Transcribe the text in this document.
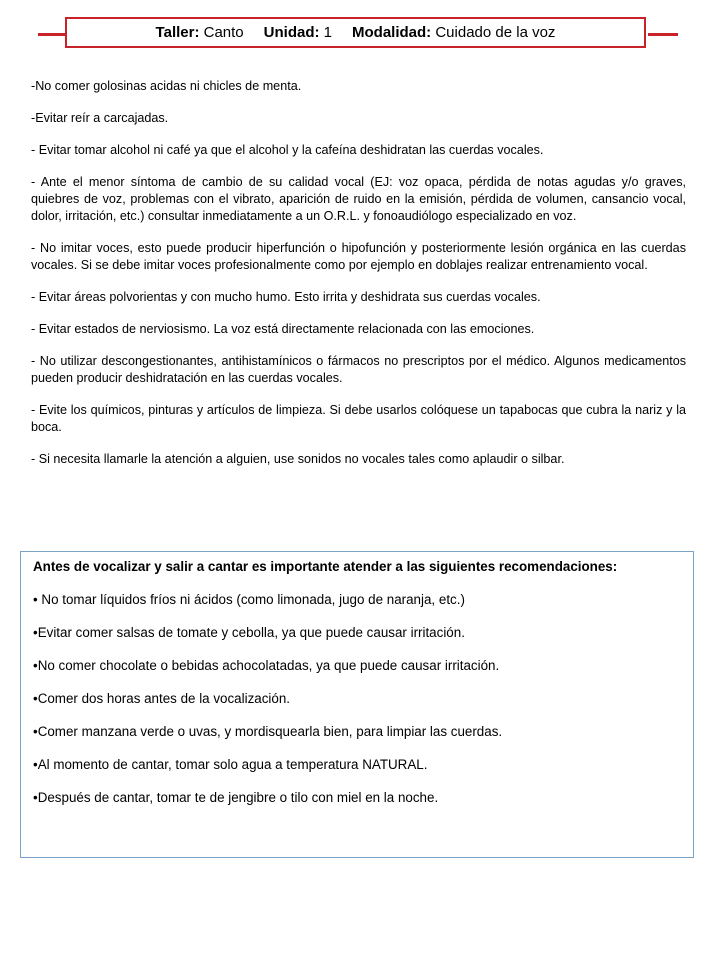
Taller:
Canto Unidad:
1 Modalidad:
Cuidado de la voz

-No comer golosinas acidas ni chicles de menta.

-Evitar reír a carcajadas.

- Evitar tomar alcohol ni café ya que el alcohol y la cafeína deshidratan las cuerdas vocales.

- Ante el menor síntoma de cambio de su calidad vocal (EJ: voz opaca, pérdida de notas agudas y/o graves, quiebres de voz, problemas con el vibrato, aparición de ruido en la emisión, pérdida de volumen, cansancio vocal, dolor, irritación, etc.) consultar inmediatamente a un O.R.L. y fonoaudiólogo especializado en voz.

- No imitar voces, esto puede producir hiperfunción o hipofunción y posteriormente lesión orgánica en las cuerdas vocales. Si se debe imitar voces profesionalmente como por ejemplo en doblajes realizar entrenamiento vocal.

- Evitar áreas polvorientas y con mucho humo. Esto irrita y deshidrata sus cuerdas vocales.

- Evitar estados de nerviosismo. La voz está directamente relacionada con las emociones.

- No utilizar descongestionantes, antihistamínicos o fármacos no prescriptos por el médico. Algunos medicamentos pueden producir deshidratación en las cuerdas vocales.

- Evite los químicos, pinturas y artículos de limpieza. Si debe usarlos colóquese un tapabocas que cubra la nariz y la boca.

- Si necesita llamarle la atención a alguien, use sonidos no vocales tales como aplaudir o silbar.

Antes de vocalizar y salir a cantar es importante atender a las siguientes recomendaciones:
• No tomar líquidos fríos ni ácidos (como limonada, jugo de naranja, etc.)
•Evitar comer salsas de tomate y cebolla, ya que puede causar irritación.
•No comer chocolate o bebidas achocolatadas, ya que puede causar irritación.
•Comer dos horas antes de la vocalización.
•Comer manzana verde o uvas, y mordisquearla bien, para limpiar las cuerdas.
•Al momento de cantar, tomar solo agua a temperatura NATURAL.
•Después de cantar, tomar te de jengibre o tilo con miel en la noche.
